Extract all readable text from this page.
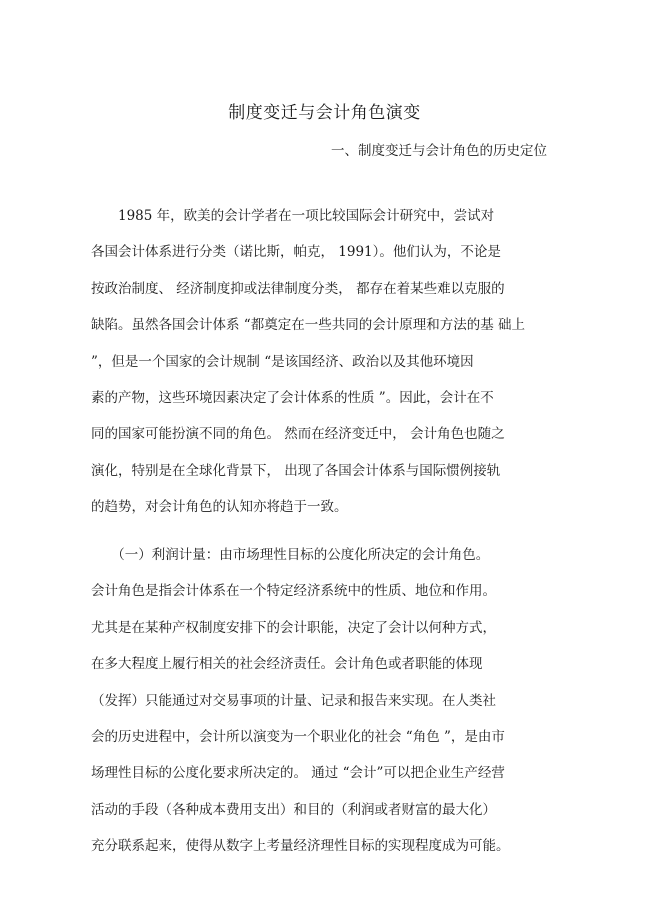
制度变迁与会计角色演变
一、制度变迁与会计角色的历史定位
　　1985 年，欧美的会计学者在一项比较国际会计研究中，尝试对
各国会计体系进行分类（诺比斯，帕克， 1991）。他们认为，不论是
按政治制度、 经济制度抑或法律制度分类， 都存在着某些难以克服的
缺陷。虽然各国会计体系 “都奠定在一些共同的会计原理和方法的基 础上
”，但是一个国家的会计规制 “是该国经济、政治以及其他环境因
素的产物，这些环境因素决定了会计体系的性质 ”。因此，会计在不
同的国家可能扮演不同的角色。 然而在经济变迁中， 会计角色也随之
演化，特别是在全球化背景下， 出现了各国会计体系与国际惯例接轨
的趋势，对会计角色的认知亦将趋于一致。
　　（一）利润计量：由市场理性目标的公度化所决定的会计角色。
会计角色是指会计体系在一个特定经济系统中的性质、地位和作用。
尤其是在某种产权制度安排下的会计职能，决定了会计以何种方式，
在多大程度上履行相关的社会经济责任。会计角色或者职能的体现
（发挥）只能通过对交易事项的计量、记录和报告来实现。在人类社
会的历史进程中，会计所以演变为一个职业化的社会 “角色 ”，是由市
场理性目标的公度化要求所决定的。 通过 “会计”可以把企业生产经营
活动的手段（各种成本费用支出）和目的（利润或者财富的最大化）
充分联系起来，使得从数字上考量经济理性目标的实现程度成为可能。
